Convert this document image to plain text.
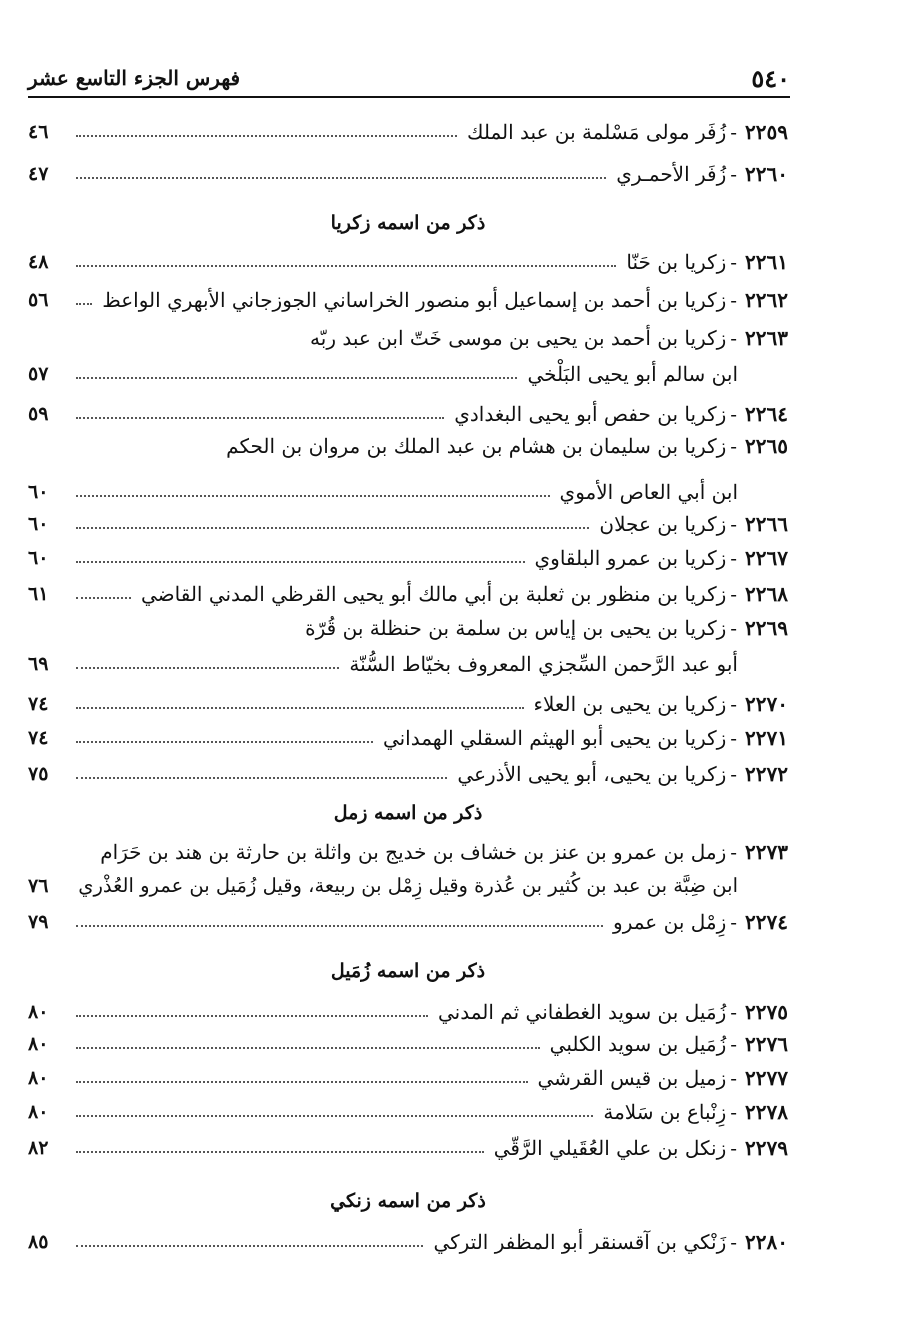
٥٤٠
فهرس الجزء التاسع عشر
٢٢٥٩
-
زُفَر مولى مَسْلمة بن عبد الملك
٤٦
٢٢٦٠
-
زُفَر الأحمـري
٤٧
ذكر من اسمه زكريا
٢٢٦١
-
زكريا بن حَنّا
٤٨
٢٢٦٢
-
زكريا بن أحمد بن إسماعيل أبو منصور الخراساني الجوزجاني الأبهري الواعظ
٥٦
٢٢٦٣
-
زكريا بن أحمد بن يحيى بن موسى خَتّ ابن عبد ربّه
ابن سالم أبو يحيى البَلْخي
٥٧
٢٢٦٤
-
زكريا بن حفص أبو يحيى البغدادي
٥٩
٢٢٦٥
-
زكريا بن سليمان بن هشام بن عبد الملك بن مروان بن الحكم
ابن أبي العاص الأموي
٦٠
٢٢٦٦
-
زكريا بن عجلان
٦٠
٢٢٦٧
-
زكريا بن عمرو البلقاوي
٦٠
٢٢٦٨
-
زكريا بن منظور بن ثعلبة بن أبي مالك أبو يحيى القرظي المدني القاضي
٦١
٢٢٦٩
-
زكريا بن يحيى بن إياس بن سلمة بن حنظلة بن قُرّة
أبو عبد الرَّحمن السِّجزي المعروف بخيّاط السُّنّة
٦٩
٢٢٧٠
-
زكريا بن يحيى بن العلاء
٧٤
٢٢٧١
-
زكريا بن يحيى أبو الهيثم السقلي الهمداني
٧٤
٢٢٧٢
-
زكريا بن يحيى، أبو يحيى الأذرعي
٧٥
ذكر من اسمه زمل
٢٢٧٣
-
زمل بن عمرو بن عنز بن خشاف بن خديج بن واثلة بن حارثة بن هند بن حَرَام
ابن ضِبَّة بن عبد بن كُثير بن عُذرة وقيل زِمْل بن ربيعة، وقيل زُمَيل بن عمرو العُذْري
٧٦
٢٢٧٤
-
زِمْل بن عمرو
٧٩
ذكر من اسمه زُمَيل
٢٢٧٥
-
زُمَيل بن سويد الغطفاني ثم المدني
٨٠
٢٢٧٦
-
زُمَيل بن سويد الكلبي
٨٠
٢٢٧٧
-
زميل بن قيس القرشي
٨٠
٢٢٧٨
-
زِنْباع بن سَلامة
٨٠
٢٢٧٩
-
زنكل بن علي العُقَيلي الرَّقّي
٨٢
ذكر من اسمه زنكي
٢٢٨٠
-
زَنْكي بن آقسنقر أبو المظفر التركي
٨٥
